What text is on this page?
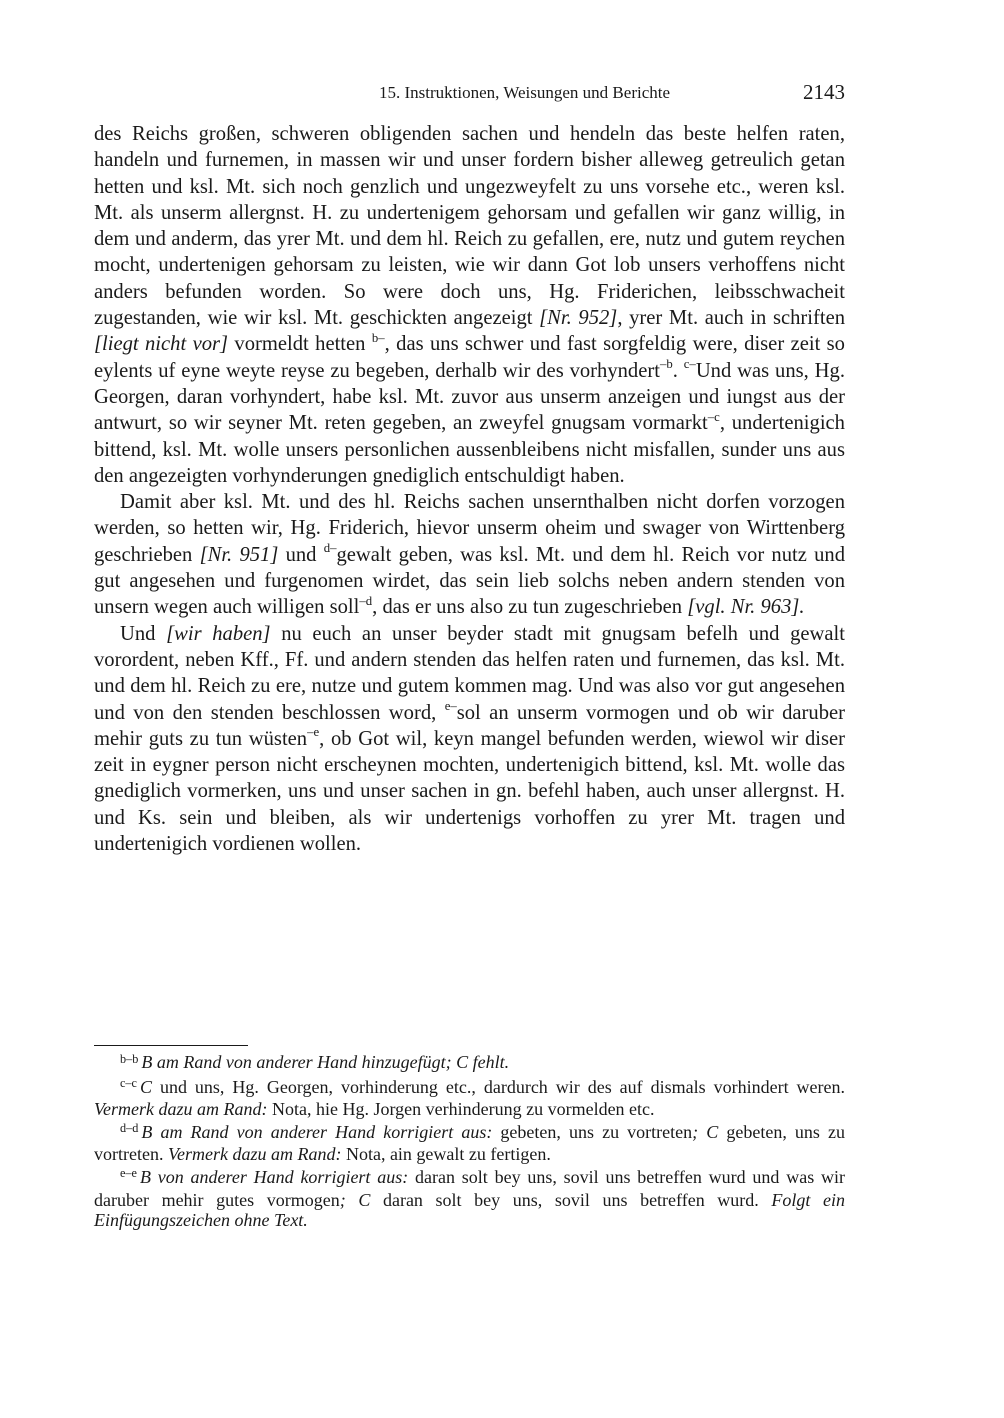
15. Instruktionen, Weisungen und Berichte	2143

des Reichs großen, schweren obligenden sachen und hendeln das beste helfen raten, handeln und furnemen, in massen wir und unser fordern bisher alleweg getreulich getan hetten und ksl. Mt. sich noch genzlich und ungezweyfelt zu uns vorsehe etc., weren ksl. Mt. als unserm allergnst. H. zu undertenigem gehorsam und gefallen wir ganz willig, in dem und anderm, das yrer Mt. und dem hl. Reich zu gefallen, ere, nutz und gutem reychen mocht, undertenigen gehorsam zu leisten, wie wir dann Got lob unsers verhoffens nicht anders befunden worden. So were doch uns, Hg. Friderichen, leibsschwacheit zugestanden, wie wir ksl. Mt. geschickten angezeigt [Nr. 952], yrer Mt. auch in schriften [liegt nicht vor] vormeldt hetten $^{b-}$, das uns schwer und fast sorgfeldig were, diser zeit so eylents uf eyne weyte reyse zu begeben, derhalb wir des vorhyndert$^{-b}$. $^{c-}$Und was uns, Hg. Georgen, daran vorhyndert, habe ksl. Mt. zuvor aus unserm anzeigen und iungst aus der antwurt, so wir seyner Mt. reten gegeben, an zweyfel gnugsam vormarkt$^{-c}$, undertenigich bittend, ksl. Mt. wolle unsers personlichen aussenbleibens nicht misfallen, sunder uns aus den angezeigten vorhynderungen gnediglich entschuldigt haben.

Damit aber ksl. Mt. und des hl. Reichs sachen unsernthalben nicht dorfen vorzogen werden, so hetten wir, Hg. Friderich, hievor unserm oheim und swager von Wirttenberg geschrieben [Nr. 951] und $^{d-}$gewalt geben, was ksl. Mt. und dem hl. Reich vor nutz und gut angesehen und furgenomen wirdet, das sein lieb solchs neben andern stenden von unsern wegen auch willigen soll$^{-d}$, das er uns also zu tun zugeschrieben [vgl. Nr. 963].

Und [wir haben] nu euch an unser beyder stadt mit gnugsam befelh und gewalt vorordent, neben Kff., Ff. und andern stenden das helfen raten und furnemen, das ksl. Mt. und dem hl. Reich zu ere, nutze und gutem kommen mag. Und was also vor gut angesehen und von den stenden beschlossen word, $^{e-}$sol an unserm vormogen und ob wir daruber mehir guts zu tun wüsten$^{-e}$, ob Got wil, keyn mangel befunden werden, wiewol wir diser zeit in eygner person nicht erscheynen mochten, undertenigich bittend, ksl. Mt. wolle das gnediglich vormerken, uns und unser sachen in gn. befehl haben, auch unser allergnst. H. und Ks. sein und bleiben, als wir undertenigs vorhoffen zu yrer Mt. tragen und undertenigich vordienen wollen.

$^{b-b}$ B am Rand von anderer Hand hinzugefügt; C fehlt.

$^{c-c}$ C und uns, Hg. Georgen, vorhinderung etc., dardurch wir des auf dismals vorhindert weren. Vermerk dazu am Rand: Nota, hie Hg. Jorgen verhinderung zu vormelden etc.

$^{d-d}$ B am Rand von anderer Hand korrigiert aus: gebeten, uns zu vortreten; C gebeten, uns zu vortreten. Vermerk dazu am Rand: Nota, ain gewalt zu fertigen.

$^{e-e}$ B von anderer Hand korrigiert aus: daran solt bey uns, sovil uns betreffen wurd und was wir daruber mehir gutes vormogen; C daran solt bey uns, sovil uns betreffen wurd. Folgt ein Einfügungszeichen ohne Text.
